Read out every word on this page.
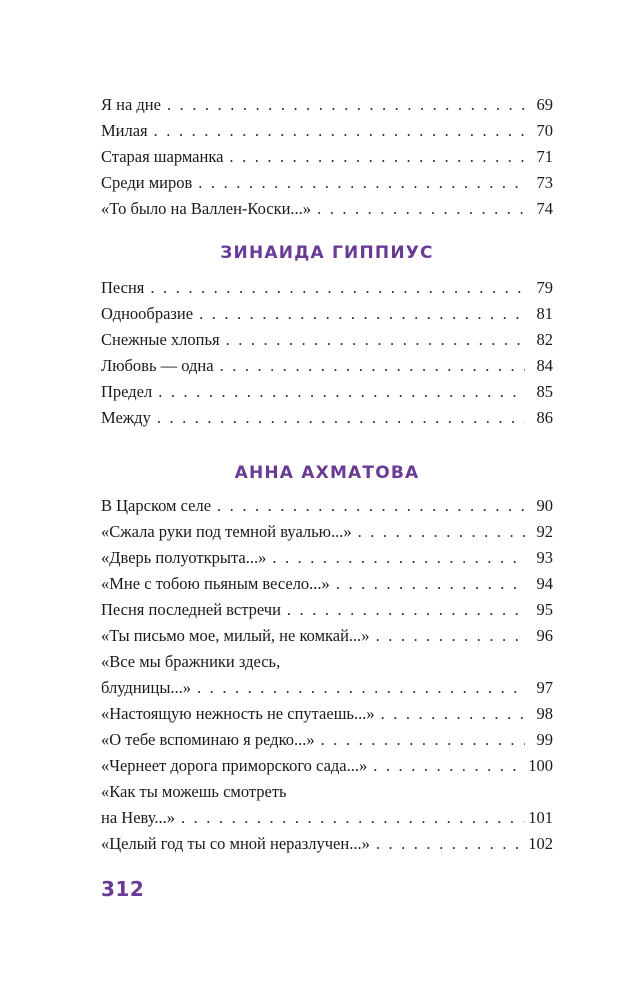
Я на дне . . .	69
Милая . . .	70
Старая шарманка . . .	71
Среди миров . . .	73
«То было на Валлен-Коски...» . . .	74
ЗИНАИДА ГИППИУС
Песня . . .	79
Однообразие . . .	81
Снежные хлопья . . .	82
Любовь — одна . . .	84
Предел . . .	85
Между . . .	86
АННА АХМАТОВА
В Царском селе . . .	90
«Сжала руки под темной вуалью...» . . .	92
«Дверь полуоткрыта...» . . .	93
«Мне с тобою пьяным весело...» . . .	94
Песня последней встречи . . .	95
«Ты письмо мое, милый, не комкай...» . . .	96
«Все мы бражники здесь,
блудницы...» . . .	97
«Настоящую нежность не спутаешь...» . . .	98
«О тебе вспоминаю я редко...» . . .	99
«Чернеет дорога приморского сада...» . . .	100
«Как ты можешь смотреть
на Неву...» . . .	101
«Целый год ты со мной неразлучен...» . . .	102
312
